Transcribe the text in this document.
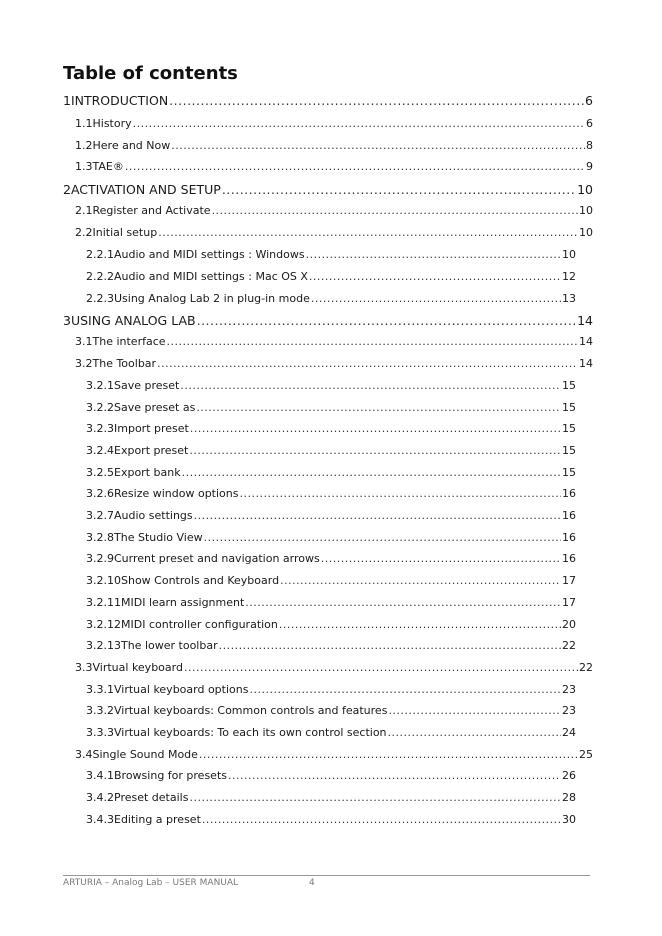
Table of contents
1 INTRODUCTION .....	6
1.1 History .....	6
1.2 Here and Now .....	8
1.3 TAE® .....	9
2 ACTIVATION AND SETUP .....	10
2.1 Register and Activate .....	10
2.2 Initial setup .....	10
2.2.1 Audio and MIDI settings : Windows .....	10
2.2.2 Audio and MIDI settings : Mac OS X .....	12
2.2.3 Using Analog Lab 2 in plug-in mode .....	13
3 USING ANALOG LAB .....	14
3.1 The interface .....	14
3.2 The Toolbar .....	14
3.2.1 Save preset .....	15
3.2.2 Save preset as .....	15
3.2.3 Import preset .....	15
3.2.4 Export preset .....	15
3.2.5 Export bank .....	15
3.2.6 Resize window options .....	16
3.2.7 Audio settings .....	16
3.2.8 The Studio View .....	16
3.2.9 Current preset and navigation arrows .....	16
3.2.10 Show Controls and Keyboard .....	17
3.2.11 MIDI learn assignment .....	17
3.2.12 MIDI controller configuration .....	20
3.2.13 The lower toolbar .....	22
3.3 Virtual keyboard .....	22
3.3.1 Virtual keyboard options .....	23
3.3.2 Virtual keyboards: Common controls and features .....	23
3.3.3 Virtual keyboards: To each its own control section .....	24
3.4 Single Sound Mode .....	25
3.4.1 Browsing for presets .....	26
3.4.2 Preset details .....	28
3.4.3 Editing a preset .....	30
ARTURIA – Analog Lab – USER MANUAL	4
